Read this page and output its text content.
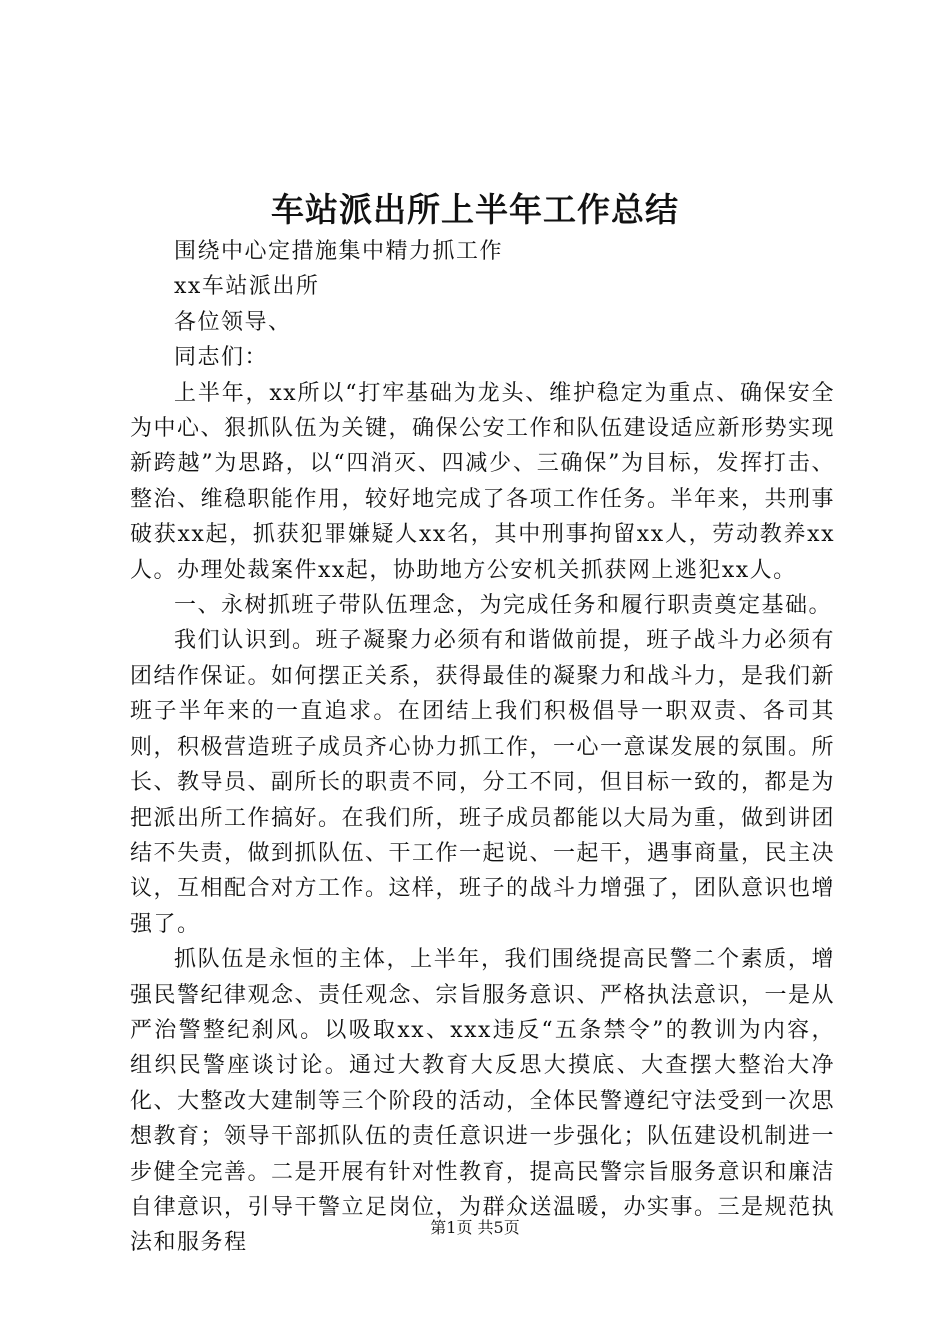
车站派出所上半年工作总结

围绕中心定措施集中精力抓工作

xx车站派出所

各位领导、

同志们：

上半年，xx所以“打牢基础为龙头、维护稳定为重点、确保安全为中心、狠抓队伍为关键，确保公安工作和队伍建设适应新形势实现新跨越”为思路，以“四消灭、四减少、三确保”为目标，发挥打击、整治、维稳职能作用，较好地完成了各项工作任务。半年来，共刑事破获xx起，抓获犯罪嫌疑人xx名，其中刑事拘留xx人，劳动教养xx人。办理处裁案件xx起，协助地方公安机关抓获网上逃犯xx人。

一、永树抓班子带队伍理念，为完成任务和履行职责奠定基础。

我们认识到。班子凝聚力必须有和谐做前提，班子战斗力必须有团结作保证。如何摆正关系，获得最佳的凝聚力和战斗力，是我们新班子半年来的一直追求。在团结上我们积极倡导一职双责、各司其则，积极营造班子成员齐心协力抓工作，一心一意谋发展的氛围。所长、教导员、副所长的职责不同，分工不同，但目标一致的，都是为把派出所工作搞好。在我们所，班子成员都能以大局为重，做到讲团结不失责，做到抓队伍、干工作一起说、一起干，遇事商量，民主决议，互相配合对方工作。这样，班子的战斗力增强了，团队意识也增强了。

抓队伍是永恒的主体，上半年，我们围绕提高民警二个素质，增强民警纪律观念、责任观念、宗旨服务意识、严格执法意识，一是从严治警整纪刹风。以吸取xx、xxx违反“五条禁令”的教训为内容，组织民警座谈讨论。通过大教育大反思大摸底、大查摆大整治大净化、大整改大建制等三个阶段的活动，全体民警遵纪守法受到一次思想教育；领导干部抓队伍的责任意识进一步强化；队伍建设机制进一步健全完善。二是开展有针对性教育，提高民警宗旨服务意识和廉洁自律意识，引导干警立足岗位，为群众送温暖，办实事。三是规范执法和服务程

第1页 共5页
